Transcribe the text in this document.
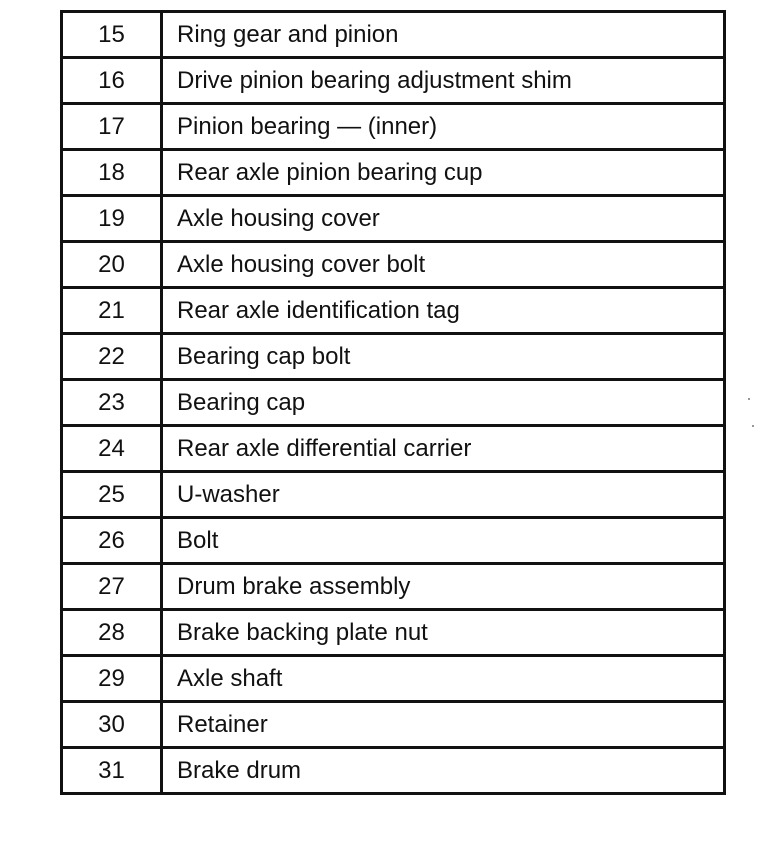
15	Ring gear and pinion
16	Drive pinion bearing adjustment shim
17	Pinion bearing — (inner)
18	Rear axle pinion bearing cup
19	Axle housing cover
20	Axle housing cover bolt
21	Rear axle identification tag
22	Bearing cap bolt
23	Bearing cap
24	Rear axle differential carrier
25	U-washer
26	Bolt
27	Drum brake assembly
28	Brake backing plate nut
29	Axle shaft
30	Retainer
31	Brake drum
